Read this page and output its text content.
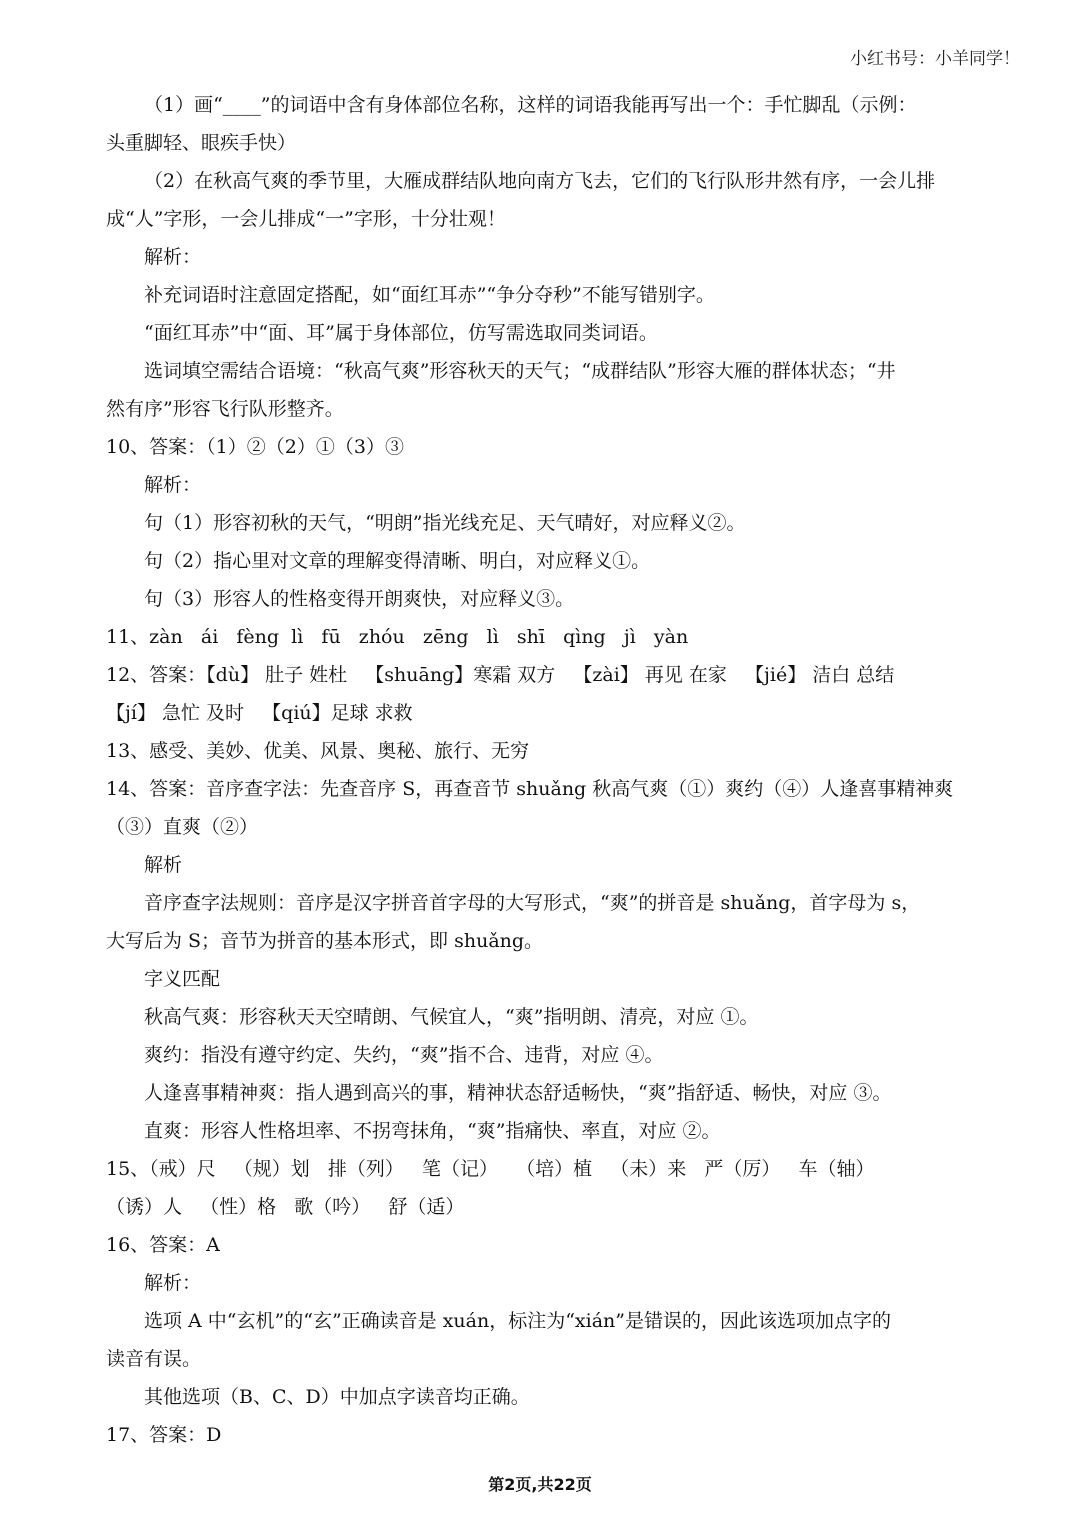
小红书号：小羊同学！
（1）画“____”的词语中含有身体部位名称，这样的词语我能再写出一个：手忙脚乱（示例：
头重脚轻、眼疾手快）
（2）在秋高气爽的季节里，大雁成群结队地向南方飞去，它们的飞行队形井然有序，一会儿排
成“人”字形，一会儿排成“一”字形，十分壮观！
解析：
补充词语时注意固定搭配，如“面红耳赤”“争分夺秒”不能写错别字。
“面红耳赤”中“面、耳”属于身体部位，仿写需选取同类词语。
选词填空需结合语境：“秋高气爽”形容秋天的天气；“成群结队”形容大雁的群体状态；“井
然有序”形容飞行队形整齐。
10、答案：（1）②（2）①（3）③
解析：
句（1）形容初秋的天气，“明朗”指光线充足、天气晴好，对应释义②。
句（2）指心里对文章的理解变得清晰、明白，对应释义①。
句（3）形容人的性格变得开朗爽快，对应释义③。
11、zàn   ái   fèng  lì   fū   zhóu   zēng   lì   shī   qìng   jì   yàn
12、答案：【dù】 肚子 姓杜   【shuāng】寒霜 双方   【zài】 再见 在家   【jié】 洁白 总结
【jí】 急忙 及时   【qiú】足球 求救
13、感受、美妙、优美、风景、奥秘、旅行、无穷
14、答案：音序查字法：先查音序 S，再查音节 shuǎng 秋高气爽（①）爽约（④）人逢喜事精神爽
（③）直爽（②）
解析
音序查字法规则：音序是汉字拼音首字母的大写形式，“爽”的拼音是 shuǎng，首字母为 s，
大写后为 S；音节为拼音的基本形式，即 shuǎng。
字义匹配
秋高气爽：形容秋天天空晴朗、气候宜人，“爽”指明朗、清亮，对应 ①。
爽约：指没有遵守约定、失约，“爽”指不合、违背，对应 ④。
人逢喜事精神爽：指人遇到高兴的事，精神状态舒适畅快，“爽”指舒适、畅快，对应 ③。
直爽：形容人性格坦率、不拐弯抹角，“爽”指痛快、率直，对应 ②。
15、（戒）尺   （规）划   排（列）   笔（记）   （培）植   （未）来   严（厉）   车（轴）
（诱）人   （性）格   歌（吟）   舒（适）
16、答案：A
解析：
选项 A 中“玄机”的“玄”正确读音是 xuán，标注为“xián”是错误的，因此该选项加点字的
读音有误。
其他选项（B、C、D）中加点字读音均正确。
17、答案：D
第2页,共22页
